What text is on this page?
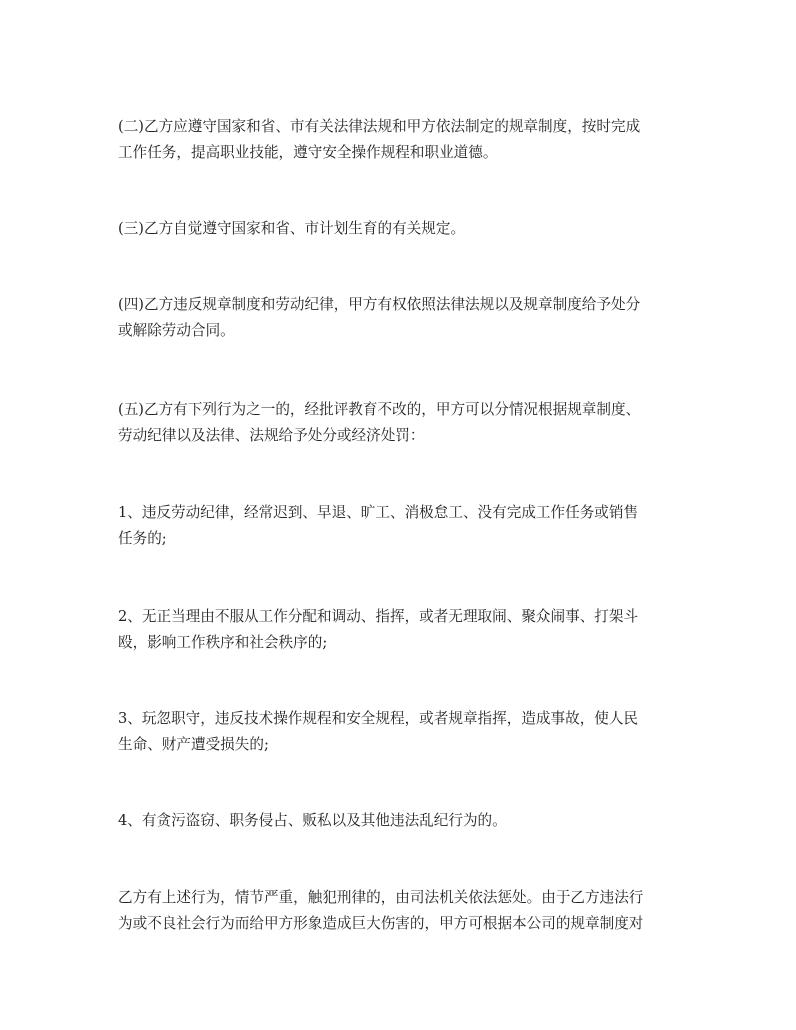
(二)乙方应遵守国家和省、市有关法律法规和甲方依法制定的规章制度，按时完成
工作任务，提高职业技能，遵守安全操作规程和职业道德。

(三)乙方自觉遵守国家和省、市计划生育的有关规定。

(四)乙方违反规章制度和劳动纪律，甲方有权依照法律法规以及规章制度给予处分
或解除劳动合同。

(五)乙方有下列行为之一的，经批评教育不改的，甲方可以分情况根据规章制度、
劳动纪律以及法律、法规给予处分或经济处罚：

1、违反劳动纪律，经常迟到、早退、旷工、消极怠工、没有完成工作任务或销售
任务的;

2、无正当理由不服从工作分配和调动、指挥，或者无理取闹、聚众闹事、打架斗
殴，影响工作秩序和社会秩序的;

3、玩忽职守，违反技术操作规程和安全规程，或者规章指挥，造成事故，使人民
生命、财产遭受损失的;

4、有贪污盗窃、职务侵占、贩私以及其他违法乱纪行为的。

乙方有上述行为，情节严重，触犯刑律的，由司法机关依法惩处。由于乙方违法行
为或不良社会行为而给甲方形象造成巨大伤害的，甲方可根据本公司的规章制度对
